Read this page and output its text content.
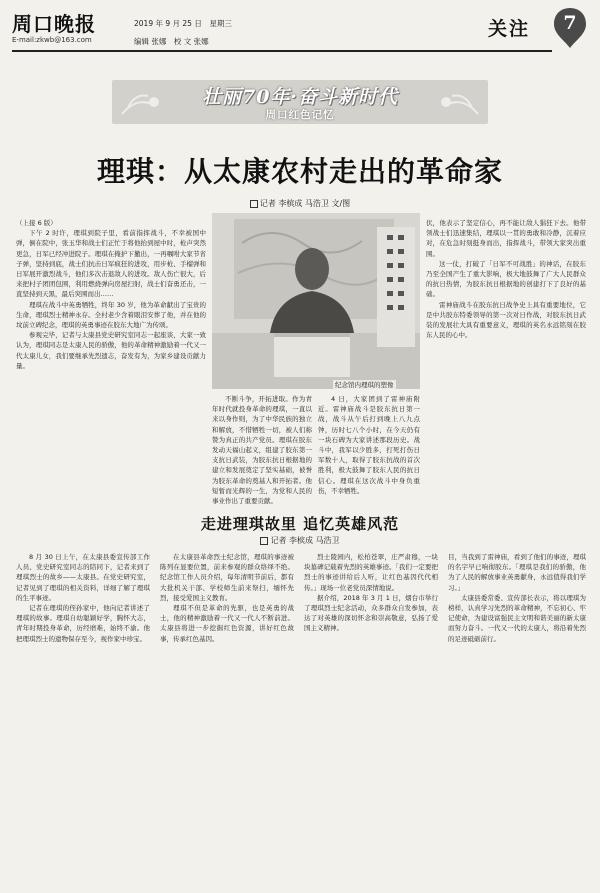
周口晚报
E-mail:zkwb@163.com
2019 年 9 月 25 日　星期三
编辑 张娜　校 文 张娜
关注 7
壮丽70年·奋斗新时代
周口红色记忆
理琪：从太康农村走出的革命家
记者 李槟成 马浩卫 文/图
纪念馆内理琪的塑像

（上接 6 版）

下午 2 时许，理琪到院子里，看前指挥战斗，不幸被国中弹，倒在院中，张玉华和战士们正忙于将他抬到屋中时，枪声突然更急，日军已经冲进院子。理琪在掩护下撤出，一再嘱咐大家节省子弹，坚持到底，战士们抗击日军疯狂的进攻，用步枪、手榴弹和日军展开激烈战斗，他们多次击退敌人的进攻。敌人伤亡很大，后来把村子团团包围，利用燃烧弹向房屋扫射，战士们奋勇还击，一直坚持到天黑，最后突围而出……

理琪在战斗中英勇牺牲，终年 30 岁，他为革命献出了宝贵的生命，理琪烈士精神永存。全村老少含着眼泪安葬了他，并在他的坟前立碑纪念，理琪的英勇事迹在胶东大地广为传颂。

参观完毕，记者与太康县党史研究室同志一起座谈，大家一致认为，理琪同志是太康人民的骄傲，他的革命精神激励着一代又一代太康儿女，我们要继承先烈遗志，奋发有为，为家乡建设贡献力量。

不断斗争，开拓进取。作为青年时代就投身革命的理琪，一直以来以身作则，为了中华民族的独立和解放，不惜牺牲一切，被人们称赞为真正的共产党员。理琪在胶东发动天福山起义，组建了胶东第一支抗日武装，为胶东抗日根据地的建立和发展奠定了坚实基础，被誉为胶东革命的奠基人和开拓者。他短暂而光辉的一生，为党和人民的事业作出了重要贡献。

4 日，大家团到了雷神庙附近。雷神庙战斗是胶东抗日第一战，战斗从午后打到晚上八九点钟，历时七八个小时，在今天仍有一块石碑为大家讲述那段历史。战斗中，我军以少胜多，打死打伤日军数十人，取得了胶东抗战的首次胜利，极大鼓舞了胶东人民的抗日信心。理琪在这次战斗中身负重伤，不幸牺牲。

伏，他表示了坚定信心，再不能让敌人猖狂下去。他带领战士们迅速集结，理琪以一贯的勇敢和冷静，沉着应对，在危急时刻挺身而出，指挥战斗，带领大家突出重围。

这一仗，打破了「日军不可战胜」的神话，在胶东乃至全国产生了重大影响，极大地鼓舞了广大人民群众的抗日热情，为胶东抗日根据地的创建打下了良好的基础。

雷神庙战斗在胶东抗日战争史上具有重要地位，它是中共胶东特委领导的第一次对日作战，对胶东抗日武装的发展壮大具有重要意义，理琪的英名永远铭刻在胶东人民的心中。

走进理琪故里 追忆英雄风范
记者 李槟成 马浩卫

8 月 30 日上午，在太康县委宣传部工作人员、党史研究室同志的陪同下，记者来到了理琪烈士的故乡——太康县。在党史研究室，记者见到了理琪的相关资料，详细了解了理琪的生平事迹。

记者在理琪的侄孙家中，他向记者讲述了理琪的故事。理琪自幼聪颖好学，胸怀大志，青年时期投身革命，历经磨难，始终不渝。他把理琪烈士的遗物保存至今，视作家中珍宝。

在太康县革命烈士纪念馆，理琪的事迹被陈列在显要位置，前来参观的群众络绎不绝。纪念馆工作人员介绍，每年清明节前后，都有大批机关干部、学校师生前来祭扫，缅怀先烈，接受爱国主义教育。

理琪不但是革命的先驱，也是英勇的战士，他的精神激励着一代又一代人不断前进。太康县将进一步挖掘红色资源，讲好红色故事，传承红色基因。

烈士陵园内，松柏苍翠，庄严肃穆，一块块墓碑记载着先烈的英雄事迹。「我们一定要把烈士的事迹讲给后人听，让红色基因代代相传。」现场一位老党员深情地说。

据介绍，2018 年 3 月 1 日，烟台市举行了理琪烈士纪念活动，众多群众自发参加，表达了对英雄的深切怀念和崇高敬意，弘扬了爱国主义精神。

目，当我到了雷神庙，看到了他们的事迹，理琪的名字早已响彻胶东。「理琪是我们的骄傲，他为了人民的解放事业英勇献身，永远值得我们学习。」

太康县委常委、宣传部长表示，将以理琪为榜样，认真学习先烈的革命精神，不忘初心、牢记使命，为建设富强民主文明和谐美丽的新太康而努力奋斗。一代又一代的太康人，将沿着先烈的足迹砥砺前行。
